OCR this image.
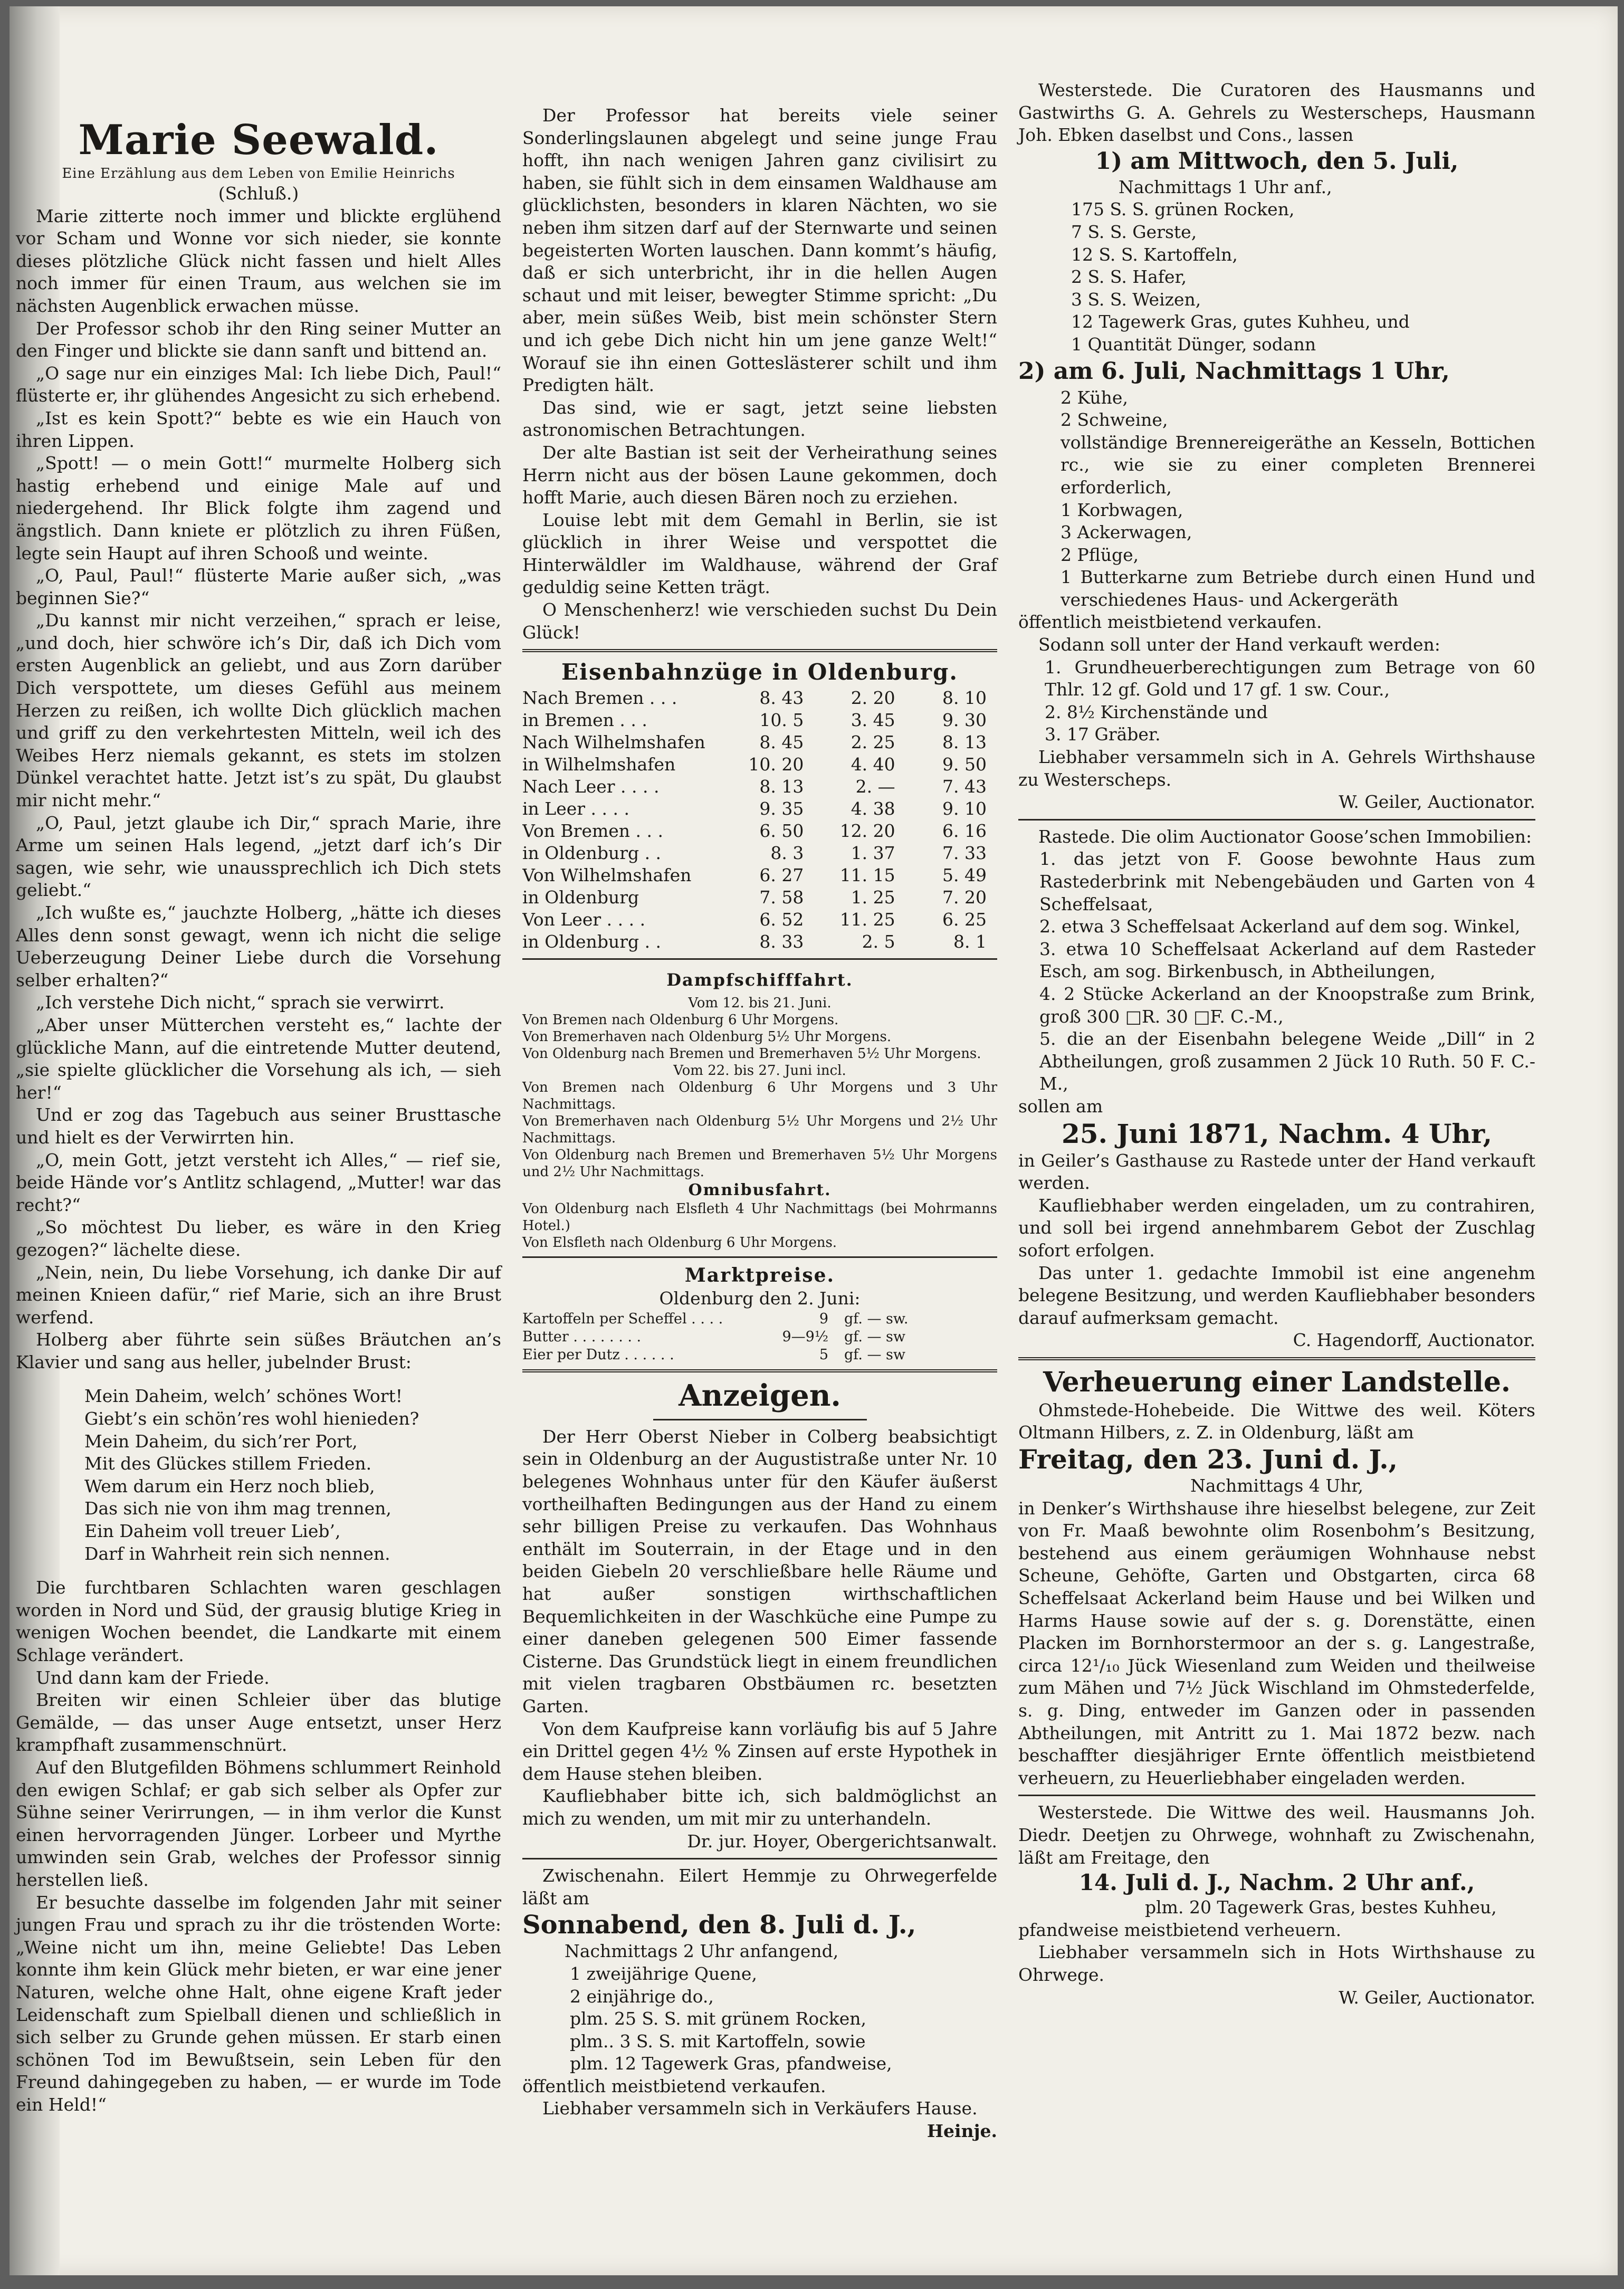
Marie Seewald.
Eine Erzählung aus dem Leben von Emilie Heinrichs
(Schluß.)
Marie zitterte noch immer und blickte erglühend vor Scham und Wonne vor sich nieder, sie konnte dieses plötzliche Glück nicht fassen und hielt Alles noch immer für einen Traum, aus welchen sie im nächsten Augenblick erwachen müsse.
Der Professor schob ihr den Ring seiner Mutter an den Finger und blickte sie dann sanft und bittend an.
„O sage nur ein einziges Mal: Ich liebe Dich, Paul!“ flüsterte er, ihr glühendes Angesicht zu sich erhebend.
„Ist es kein Spott?“ bebte es wie ein Hauch von ihren Lippen.
„Spott! — o mein Gott!“ murmelte Holberg sich hastig erhebend und einige Male auf und niedergehend. Ihr Blick folgte ihm zagend und ängstlich. Dann kniete er plötzlich zu ihren Füßen, legte sein Haupt auf ihren Schooß und weinte.
„O, Paul, Paul!“ flüsterte Marie außer sich, „was beginnen Sie?“
„Du kannst mir nicht verzeihen,“ sprach er leise, „und doch, hier schwöre ich’s Dir, daß ich Dich vom ersten Augenblick an geliebt, und aus Zorn darüber Dich verspottete, um dieses Gefühl aus meinem Herzen zu reißen, ich wollte Dich glücklich machen und griff zu den verkehrtesten Mitteln, weil ich des Weibes Herz niemals gekannt, es stets im stolzen Dünkel verachtet hatte. Jetzt ist’s zu spät, Du glaubst mir nicht mehr.“
„O, Paul, jetzt glaube ich Dir,“ sprach Marie, ihre Arme um seinen Hals legend, „jetzt darf ich’s Dir sagen, wie sehr, wie unaussprechlich ich Dich stets geliebt.“
„Ich wußte es,“ jauchzte Holberg, „hätte ich dieses Alles denn sonst gewagt, wenn ich nicht die selige Ueberzeugung Deiner Liebe durch die Vorsehung selber erhalten?“
„Ich verstehe Dich nicht,“ sprach sie verwirrt.
„Aber unser Mütterchen versteht es,“ lachte der glückliche Mann, auf die eintretende Mutter deutend, „sie spielte glücklicher die Vorsehung als ich, — sieh her!“
Und er zog das Tagebuch aus seiner Brusttasche und hielt es der Verwirrten hin.
„O, mein Gott, jetzt versteht ich Alles,“ — rief sie, beide Hände vor’s Antlitz schlagend, „Mutter! war das recht?“
„So möchtest Du lieber, es wäre in den Krieg gezogen?“ lächelte diese.
„Nein, nein, Du liebe Vorsehung, ich danke Dir auf meinen Knieen dafür,“ rief Marie, sich an ihre Brust werfend.
Holberg aber führte sein süßes Bräutchen an’s Klavier und sang aus heller, jubelnder Brust:
Mein Daheim, welch’ schönes Wort!
Giebt’s ein schön’res wohl hienieden?
Mein Daheim, du sich’rer Port,
Mit des Glückes stillem Frieden.
Wem darum ein Herz noch blieb,
Das sich nie von ihm mag trennen,
Ein Daheim voll treuer Lieb’,
Darf in Wahrheit rein sich nennen.
Die furchtbaren Schlachten waren geschlagen worden in Nord und Süd, der grausig blutige Krieg in wenigen Wochen beendet, die Landkarte mit einem Schlage verändert.
Und dann kam der Friede.
Breiten wir einen Schleier über das blutige Gemälde, — das unser Auge entsetzt, unser Herz krampfhaft zusammenschnürt.
Auf den Blutgefilden Böhmens schlummert Reinhold den ewigen Schlaf; er gab sich selber als Opfer zur Sühne seiner Verirrungen, — in ihm verlor die Kunst einen hervorragenden Jünger. Lorbeer und Myrthe umwinden sein Grab, welches der Professor sinnig herstellen ließ.
Er besuchte dasselbe im folgenden Jahr mit seiner jungen Frau und sprach zu ihr die tröstenden Worte: „Weine nicht um ihn, meine Geliebte! Das Leben konnte ihm kein Glück mehr bieten, er war eine jener Naturen, welche ohne Halt, ohne eigene Kraft jeder Leidenschaft zum Spielball dienen und schließlich in sich selber zu Grunde gehen müssen. Er starb einen schönen Tod im Bewußtsein, sein Leben für den Freund dahingegeben zu haben, — er wurde im Tode ein Held!“
Der Professor hat bereits viele seiner Sonderlingslaunen abgelegt und seine junge Frau hofft, ihn nach wenigen Jahren ganz civilisirt zu haben, sie fühlt sich in dem einsamen Waldhause am glücklichsten, besonders in klaren Nächten, wo sie neben ihm sitzen darf auf der Sternwarte und seinen begeisterten Worten lauschen. Dann kommt’s häufig, daß er sich unterbricht, ihr in die hellen Augen schaut und mit leiser, bewegter Stimme spricht: „Du aber, mein süßes Weib, bist mein schönster Stern und ich gebe Dich nicht hin um jene ganze Welt!“ Worauf sie ihn einen Gotteslästerer schilt und ihm Predigten hält.
Das sind, wie er sagt, jetzt seine liebsten astronomischen Betrachtungen.
Der alte Bastian ist seit der Verheirathung seines Herrn nicht aus der bösen Laune gekommen, doch hofft Marie, auch diesen Bären noch zu erziehen.
Louise lebt mit dem Gemahl in Berlin, sie ist glücklich in ihrer Weise und verspottet die Hinterwäldler im Waldhause, während der Graf geduldig seine Ketten trägt.
O Menschenherz! wie verschieden suchst Du Dein Glück!
Eisenbahnzüge in Oldenburg.
Nach Bremen . . .	8. 43	2. 20	8. 10
in Bremen . . .	10. 5	3. 45	9. 30
Nach Wilhelmshafen	8. 45	2. 25	8. 13
in Wilhelmshafen	10. 20	4. 40	9. 50
Nach Leer . . . .	8. 13	2. —	7. 43
in Leer . . . .	9. 35	4. 38	9. 10
Von Bremen . . .	6. 50	12. 20	6. 16
in Oldenburg . .	8. 3	1. 37	7. 33
Von Wilhelmshafen	6. 27	11. 15	5. 49
in Oldenburg	7. 58	1. 25	7. 20
Von Leer . . . .	6. 52	11. 25	6. 25
in Oldenburg . .	8. 33	2. 5	8. 1
Dampfschifffahrt.
Vom 12. bis 21. Juni.
Von Bremen nach Oldenburg 6 Uhr Morgens.
Von Bremerhaven nach Oldenburg 5½ Uhr Morgens.
Von Oldenburg nach Bremen und Bremerhaven 5½ Uhr Morgens.
Vom 22. bis 27. Juni incl.
Von Bremen nach Oldenburg 6 Uhr Morgens und 3 Uhr Nachmittags.
Von Bremerhaven nach Oldenburg 5½ Uhr Morgens und 2½ Uhr Nachmittags.
Von Oldenburg nach Bremen und Bremerhaven 5½ Uhr Morgens und 2½ Uhr Nachmittags.
Omnibusfahrt.
Von Oldenburg nach Elsfleth 4 Uhr Nachmittags (bei Mohrmanns Hotel.)
Von Elsfleth nach Oldenburg 6 Uhr Morgens.
Marktpreise.
Oldenburg den 2. Juni:
Kartoffeln per Scheffel . . . .	9	gf. — sw.
Butter . . . . . . . .	9—9½	gf. — sw
Eier per Dutz . . . . . .	5	gf. — sw
Anzeigen.
Der Herr Oberst Nieber in Colberg beabsichtigt sein in Oldenburg an der Augustistraße unter Nr. 10 belegenes Wohnhaus unter für den Käufer äußerst vortheilhaften Bedingungen aus der Hand zu einem sehr billigen Preise zu verkaufen. Das Wohnhaus enthält im Souterrain, in der Etage und in den beiden Giebeln 20 verschließbare helle Räume und hat außer sonstigen wirthschaftlichen Bequemlichkeiten in der Waschküche eine Pumpe zu einer daneben gelegenen 500 Eimer fassende Cisterne. Das Grundstück liegt in einem freundlichen mit vielen tragbaren Obstbäumen rc. besetzten Garten.
Von dem Kaufpreise kann vorläufig bis auf 5 Jahre ein Drittel gegen 4½ % Zinsen auf erste Hypothek in dem Hause stehen bleiben.
Kaufliebhaber bitte ich, sich baldmöglichst an mich zu wenden, um mit mir zu unterhandeln.
Dr. jur. Hoyer, Obergerichtsanwalt.
Zwischenahn. Eilert Hemmje zu Ohrwegerfelde läßt am
Sonnabend, den 8. Juli d. J.,
Nachmittags 2 Uhr anfangend,
1 zweijährige Quene,
2 einjährige do.,
plm. 25 S. S. mit grünem Rocken,
plm.. 3 S. S. mit Kartoffeln, sowie
plm. 12 Tagewerk Gras, pfandweise,
öffentlich meistbietend verkaufen.
Liebhaber versammeln sich in Verkäufers Hause.
Heinje.
Westerstede. Die Curatoren des Hausmanns und Gastwirths G. A. Gehrels zu Westerscheps, Hausmann Joh. Ebken daselbst und Cons., lassen
1) am Mittwoch, den 5. Juli,
Nachmittags 1 Uhr anf.,
175 S. S. grünen Rocken,
7 S. S. Gerste,
12 S. S. Kartoffeln,
2 S. S. Hafer,
3 S. S. Weizen,
12 Tagewerk Gras, gutes Kuhheu, und
1 Quantität Dünger, sodann
2) am 6. Juli, Nachmittags 1 Uhr,
2 Kühe,
2 Schweine,
vollständige Brennereigeräthe an Kesseln, Bottichen rc., wie sie zu einer completen Brennerei erforderlich,
1 Korbwagen,
3 Ackerwagen,
2 Pflüge,
1 Butterkarne zum Betriebe durch einen Hund und verschiedenes Haus- und Ackergeräth
öffentlich meistbietend verkaufen.
Sodann soll unter der Hand verkauft werden:
1. Grundheuerberechtigungen zum Betrage von 60 Thlr. 12 gf. Gold und 17 gf. 1 sw. Cour.,
2. 8½ Kirchenstände und
3. 17 Gräber.
Liebhaber versammeln sich in A. Gehrels Wirthshause zu Westerscheps.
W. Geiler, Auctionator.
Rastede. Die olim Auctionator Goose’schen Immobilien:
1. das jetzt von F. Goose bewohnte Haus zum Rastederbrink mit Nebengebäuden und Garten von 4 Scheffelsaat,
2. etwa 3 Scheffelsaat Ackerland auf dem sog. Winkel,
3. etwa 10 Scheffelsaat Ackerland auf dem Rasteder Esch, am sog. Birkenbusch, in Abtheilungen,
4. 2 Stücke Ackerland an der Knoopstraße zum Brink, groß 300 □R. 30 □F. C.-M.,
5. die an der Eisenbahn belegene Weide „Dill“ in 2 Abtheilungen, groß zusammen 2 Jück 10 Ruth. 50 F. C.-M.,
sollen am
25. Juni 1871, Nachm. 4 Uhr,
in Geiler’s Gasthause zu Rastede unter der Hand verkauft werden.
Kaufliebhaber werden eingeladen, um zu contrahiren, und soll bei irgend annehmbarem Gebot der Zuschlag sofort erfolgen.
Das unter 1. gedachte Immobil ist eine angenehm belegene Besitzung, und werden Kaufliebhaber besonders darauf aufmerksam gemacht.
C. Hagendorff, Auctionator.
Verheuerung einer Landstelle.
Ohmstede-Hohebeide. Die Wittwe des weil. Köters Oltmann Hilbers, z. Z. in Oldenburg, läßt am
Freitag, den 23. Juni d. J.,
Nachmittags 4 Uhr,
in Denker’s Wirthshause ihre hieselbst belegene, zur Zeit von Fr. Maaß bewohnte olim Rosenbohm’s Besitzung, bestehend aus einem geräumigen Wohnhause nebst Scheune, Gehöfte, Garten und Obstgarten, circa 68 Scheffelsaat Ackerland beim Hause und bei Wilken und Harms Hause sowie auf der s. g. Dorenstätte, einen Placken im Bornhorstermoor an der s. g. Langestraße, circa 12¹/₁₀ Jück Wiesenland zum Weiden und theilweise zum Mähen und 7½ Jück Wischland im Ohmstederfelde, s. g. Ding, entweder im Ganzen oder in passenden Abtheilungen, mit Antritt zu 1. Mai 1872 bezw. nach beschaffter diesjähriger Ernte öffentlich meistbietend verheuern, zu Heuerliebhaber eingeladen werden.
Westerstede. Die Wittwe des weil. Hausmanns Joh. Diedr. Deetjen zu Ohrwege, wohnhaft zu Zwischenahn, läßt am Freitage, den
14. Juli d. J., Nachm. 2 Uhr anf.,
plm. 20 Tagewerk Gras, bestes Kuhheu,
pfandweise meistbietend verheuern.
Liebhaber versammeln sich in Hots Wirthshause zu Ohrwege.
W. Geiler, Auctionator.
